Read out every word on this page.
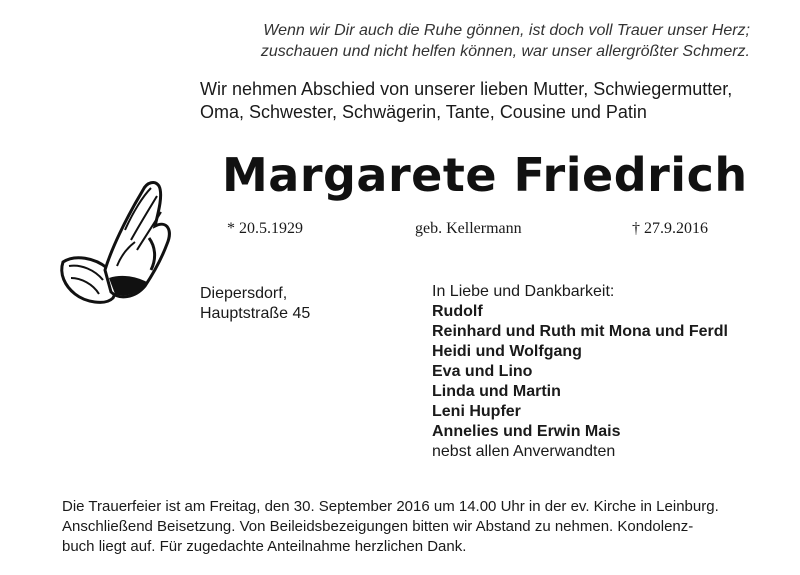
Wenn wir Dir auch die Ruhe gönnen, ist doch voll Trauer unser Herz;
zuschauen und nicht helfen können, war unser allergrößter Schmerz.
Wir nehmen Abschied von unserer lieben Mutter, Schwiegermutter,
Oma, Schwester, Schwägerin, Tante, Cousine und Patin
Margarete Friedrich
* 20.5.1929	geb. Kellermann	† 27.9.2016
Diepersdorf,
Hauptstraße 45
In Liebe und Dankbarkeit:
Rudolf
Reinhard und Ruth mit Mona und Ferdl
Heidi und Wolfgang
Eva und Lino
Linda und Martin
Leni Hupfer
Annelies und Erwin Mais
nebst allen Anverwandten
Die Trauerfeier ist am Freitag, den 30. September 2016 um 14.00 Uhr in der ev. Kirche in Leinburg.
Anschließend Beisetzung. Von Beileidsbezeigungen bitten wir Abstand zu nehmen. Kondolenz-
buch liegt auf. Für zugedachte Anteilnahme herzlichen Dank.
